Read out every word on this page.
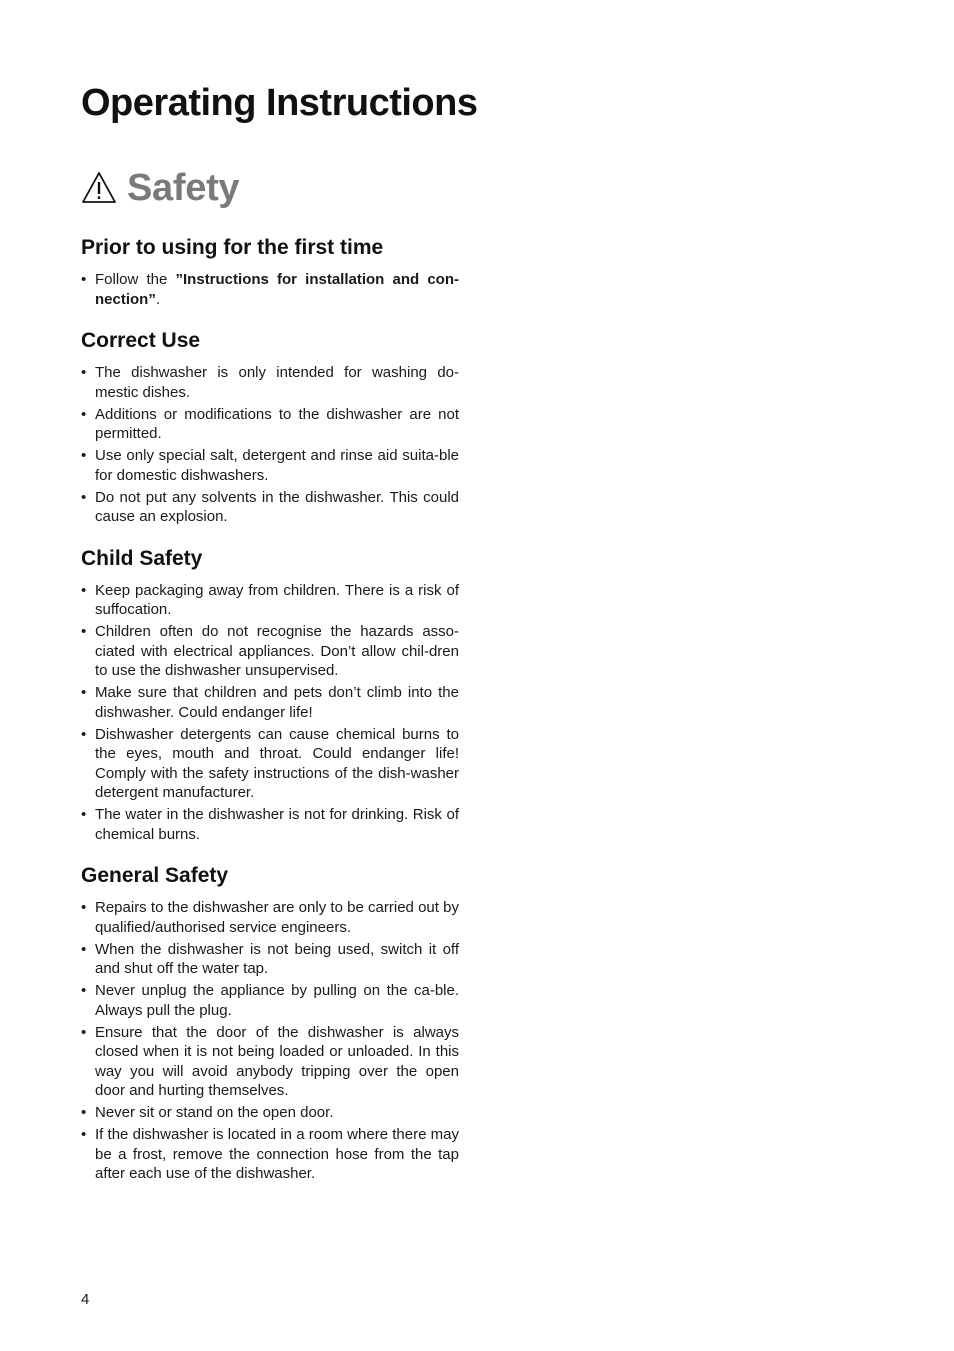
Operating Instructions
Safety
Prior to using for the first time
• Follow the ”Instructions for installation and con-nection”.
Correct Use
• The dishwasher is only intended for washing do-mestic dishes.
• Additions or modifications to the dishwasher are not permitted.
• Use only special salt, detergent and rinse aid suita-ble for domestic dishwashers.
• Do not put any solvents in the dishwasher. This could cause an explosion.
Child Safety
• Keep packaging away from children. There is a risk of suffocation.
• Children often do not recognise the hazards asso-ciated with electrical appliances. Don’t allow chil-dren to use the dishwasher unsupervised.
• Make sure that children and pets don’t climb into the dishwasher. Could endanger life!
• Dishwasher detergents can cause chemical burns to the eyes, mouth and throat. Could endanger life! Comply with the safety instructions of the dish-washer detergent manufacturer.
• The water in the dishwasher is not for drinking. Risk of chemical burns.
General Safety
• Repairs to the dishwasher are only to be carried out by qualified/authorised service engineers.
• When the dishwasher is not being used, switch it off and shut off the water tap.
• Never unplug the appliance by pulling on the ca-ble. Always pull the plug.
• Ensure that the door of the dishwasher is always closed when it is not being loaded or unloaded. In this way you will avoid anybody tripping over the open door and hurting themselves.
• Never sit or stand on the open door.
• If the dishwasher is located in a room where there may be a frost, remove the connection hose from the tap after each use of the dishwasher.
4
